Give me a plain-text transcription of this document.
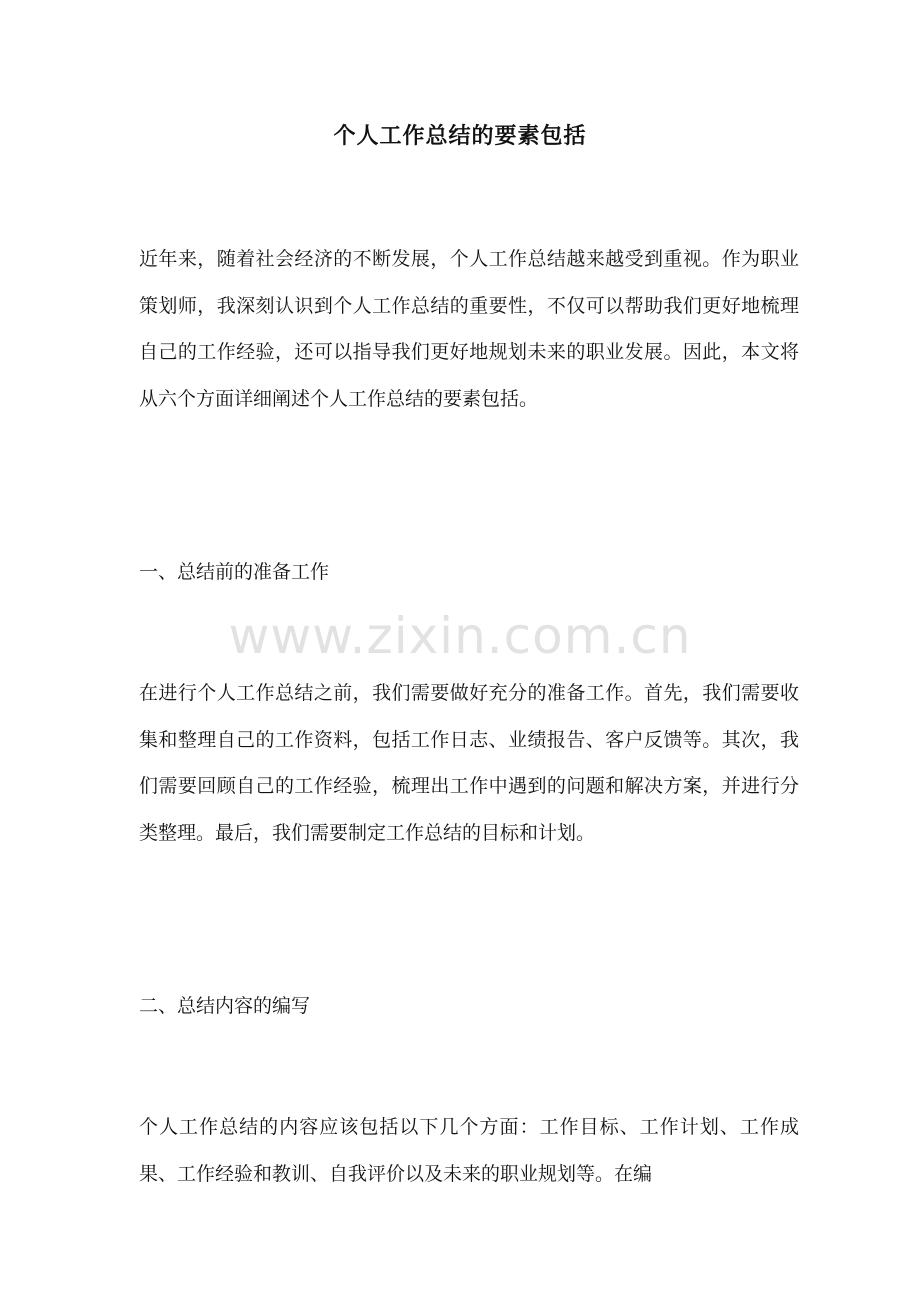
个人工作总结的要素包括

近年来，随着社会经济的不断发展，个人工作总结越来越受到重视。作为职业策划师，我深刻认识到个人工作总结的重要性，不仅可以帮助我们更好地梳理自己的工作经验，还可以指导我们更好地规划未来的职业发展。因此，本文将从六个方面详细阐述个人工作总结的要素包括。

一、总结前的准备工作

www.zixin.com.cn

在进行个人工作总结之前，我们需要做好充分的准备工作。首先，我们需要收集和整理自己的工作资料，包括工作日志、业绩报告、客户反馈等。其次，我们需要回顾自己的工作经验，梳理出工作中遇到的问题和解决方案，并进行分类整理。最后，我们需要制定工作总结的目标和计划。

二、总结内容的编写

个人工作总结的内容应该包括以下几个方面：工作目标、工作计划、工作成果、工作经验和教训、自我评价以及未来的职业规划等。在编
